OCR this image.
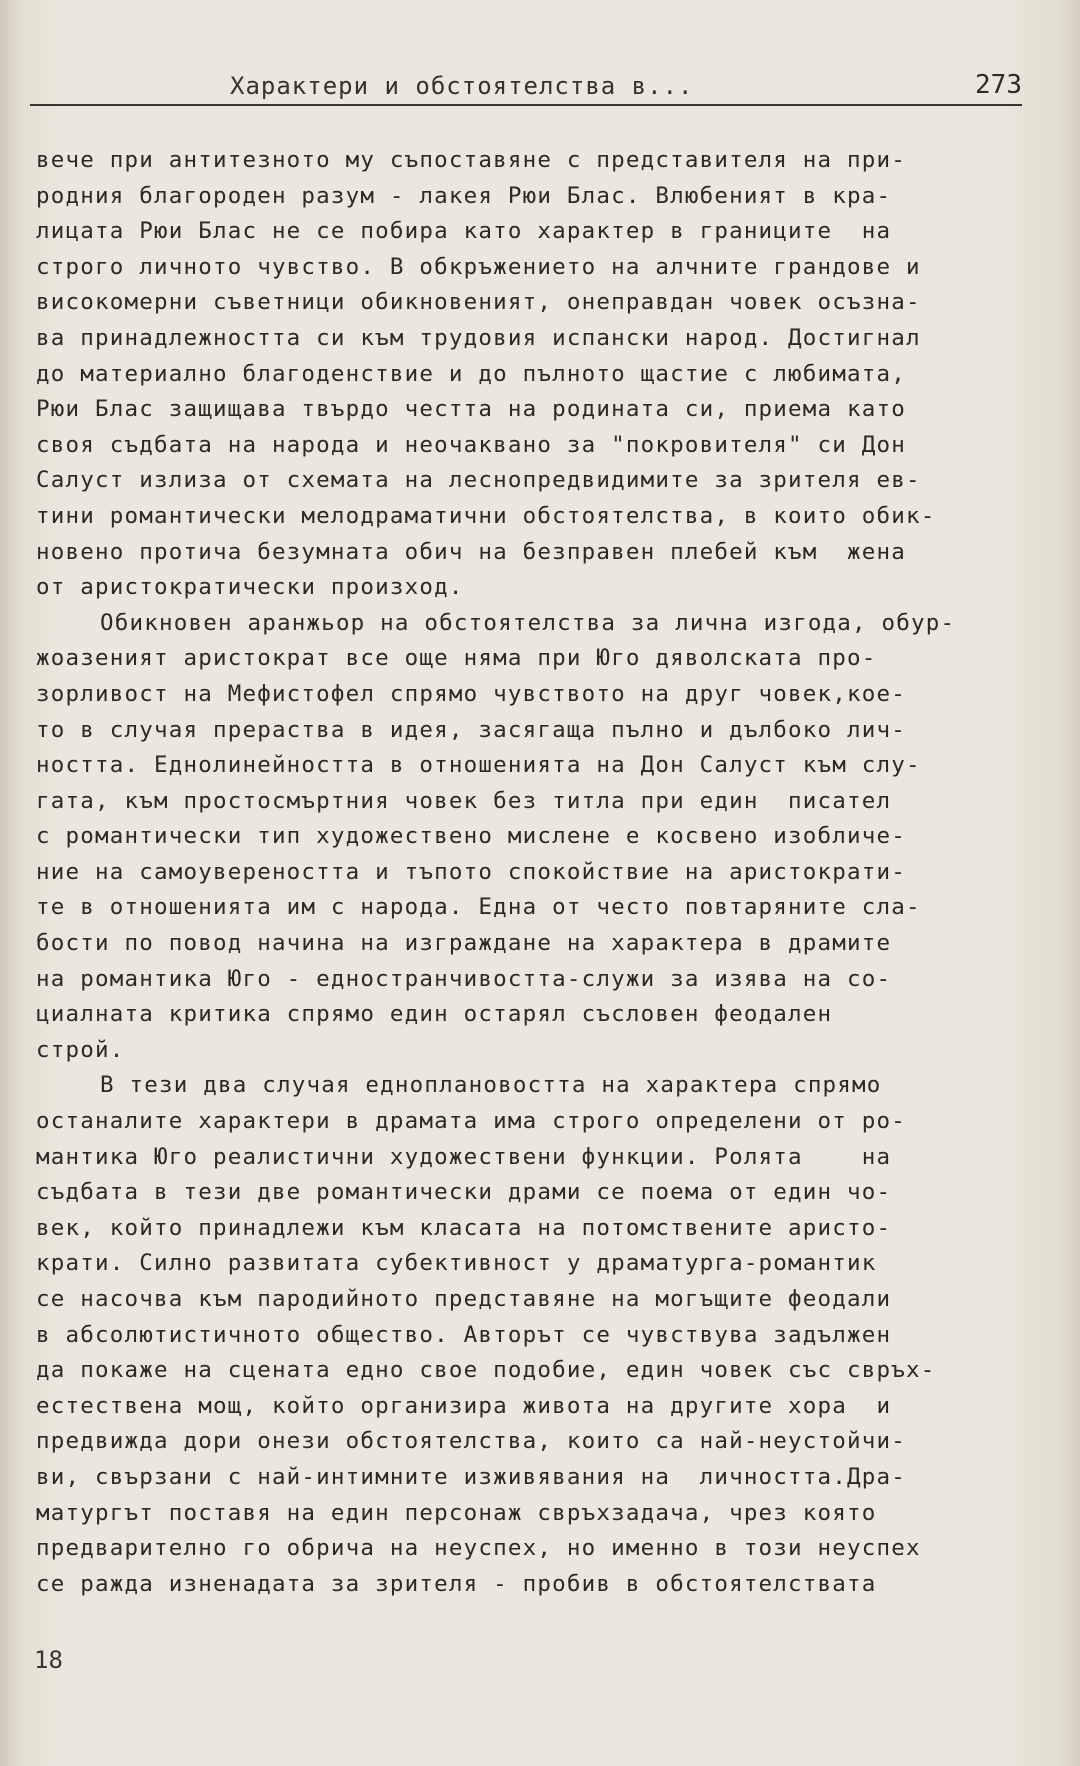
Характери и обстоятелства в...	273
вече при антитезното му съпоставяне с представителя на при-
родния благороден разум - лакея Рюи Блас. Влюбеният в кра-
лицата Рюи Блас не се побира като характер в границите  на
строго личното чувство. В обкръжението на алчните грандове и
високомерни съветници обикновеният, онеправдан човек осъзна-
ва принадлежността си към трудовия испански народ. Достигнал
до материално благоденствие и до пълното щастие с любимата,
Рюи Блас защищава твърдо честта на родината си, приема като
своя съдбата на народа и неочаквано за "покровителя" си Дон
Салуст излиза от схемата на леснопредвидимите за зрителя ев-
тини романтически мелодраматични обстоятелства, в които обик-
новено протича безумната обич на безправен плебей към  жена
от аристократически произход.
Обикновен аранжьор на обстоятелства за лична изгода, обур-
жоазеният аристократ все още няма при Юго дяволската про-
зорливост на Мефистофел спрямо чувството на друг човек,кое-
то в случая прераства в идея, засягаща пълно и дълбоко лич-
ността. Еднолинейността в отношенията на Дон Салуст към слу-
гата, към простосмъртния човек без титла при един  писател
с романтически тип художествено мислене е косвено изобличе-
ние на самоувереността и тъпото спокойствие на аристократи-
те в отношенията им с народа. Една от често повтаряните сла-
бости по повод начина на изграждане на характера в драмите
на романтика Юго - едностранчивостта-служи за изява на со-
циалната критика спрямо един остарял съсловен феодален
строй.
В тези два случая едноплановостта на характера спрямо
останалите характери в драмата има строго определени от ро-
мантика Юго реалистични художествени функции. Ролята    на
съдбата в тези две романтически драми се поема от един чо-
век, който принадлежи към класата на потомствените аристо-
крати. Силно развитата субективност у драматурга-романтик
се насочва към пародийното представяне на могъщите феодали
в абсолютистичното общество. Авторът се чувствува задължен
да покаже на сцената едно свое подобие, един човек със свръх-
естествена мощ, който организира живота на другите хора  и
предвижда дори онези обстоятелства, които са най-неустойчи-
ви, свързани с най-интимните изживявания на  личността.Дра-
матургът поставя на един персонаж свръхзадача, чрез която
предварително го обрича на неуспех, но именно в този неуспех
се ражда изненадата за зрителя - пробив в обстоятелствата
18
